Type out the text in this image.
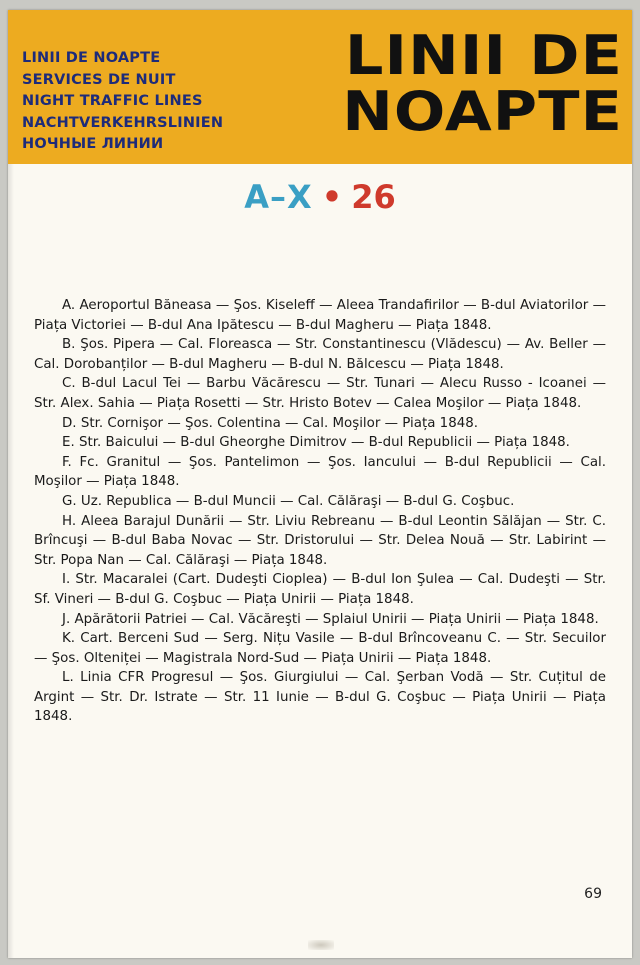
LINII DE NOAPTE
SERVICES DE NUIT
NIGHT TRAFFIC LINES
NACHTVERKEHRSLINIEN
НОЧНЫЕ ЛИНИИ
LINII DE
NOAPTE
A–X • 26

A. Aeroportul Băneasa — Şos. Kiseleff — Aleea Trandafirilor — B-dul Aviatorilor — Piața Victoriei — B-dul Ana Ipătescu — B-dul Magheru — Piața 1848.

B. Şos. Pipera — Cal. Floreasca — Str. Constantinescu (Vlădescu) — Av. Beller — Cal. Dorobanților — B-dul Magheru — B-dul N. Bălcescu — Piața 1848.

C. B-dul Lacul Tei — Barbu Văcărescu — Str. Tunari — Alecu Russo - Icoanei — Str. Alex. Sahia — Piața Rosetti — Str. Hristo Botev — Calea Moşilor — Piața 1848.

D. Str. Cornişor — Şos. Colentina — Cal. Moşilor — Piața 1848.

E. Str. Baicului — B-dul Gheorghe Dimitrov — B-dul Republicii — Piața 1848.

F. Fc. Granitul — Şos. Pantelimon — Şos. Iancului — B-dul Republicii — Cal. Moşilor — Piața 1848.

G. Uz. Republica — B-dul Muncii — Cal. Călăraşi — B-dul G. Coşbuc.

H. Aleea Barajul Dunării — Str. Liviu Rebreanu — B-dul Leontin Sălăjan — Str. C. Brîncuşi — B-dul Baba Novac — Str. Dristorului — Str. Delea Nouă — Str. Labirint — Str. Popa Nan — Cal. Călăraşi — Piața 1848.

I. Str. Macaralei (Cart. Dudeşti Cioplea) — B-dul Ion Şulea — Cal. Dudeşti — Str. Sf. Vineri — B-dul G. Coşbuc — Piața Unirii — Piața 1848.

J. Apărătorii Patriei — Cal. Văcăreşti — Splaiul Unirii — Piața Unirii — Piața 1848.

K. Cart. Berceni Sud — Serg. Nițu Vasile — B-dul Brîncoveanu C. — Str. Secuilor — Şos. Olteniței — Magistrala Nord-Sud — Piața Unirii — Piața 1848.

L. Linia CFR Progresul — Şos. Giurgiului — Cal. Şerban Vodă — Str. Cuțitul de Argint — Str. Dr. Istrate — Str. 11 Iunie — B-dul G. Coşbuc — Piața Unirii — Piața 1848.

69
